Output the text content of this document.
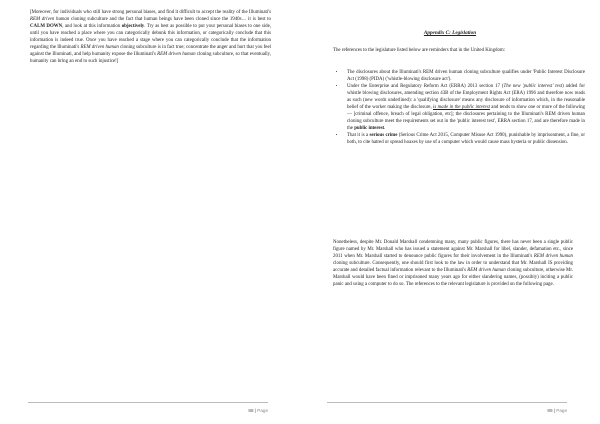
[Moreover, for individuals who still have strong personal biases, and find it difficult to accept the reality of the Illuminati's REM driven human cloning subculture and the fact that human beings have been cloned since the 1940s… it is best to CALM DOWN, and look at this information objectively. Try as best as possible to put your personal biases to one side, until you have reached a place where you can categorically debunk this information, or categorically conclude that this information is indeed true. Once you have reached a stage where you can categorically conclude that the information regarding the Illuminati's REM driven human cloning subculture is in fact true; concentrate the anger and hurt that you feel against the Illuminati, and help humanity expose the Illuminati's REM driven human cloning subculture, so that eventually, humanity can bring an end to such injustice!]

88 | Page
Appendix C: Legislation

The references to the legislature listed below are reminders that in the United Kingdom:

• The disclosures about the Illuminati's REM driven human cloning subculture qualifies under 'Public Interest Disclosure Act (1998) (PIDA) ('whistle-blowing disclosure act').
• Under the Enterprise and Regulatory Reform Act (ERRA) 2013 section 17 (The new 'public interest' test) added for whistle blowing disclosures, amending section 43B of the Employment Rights Act (ERA) 1996 and therefore now reads as such (new words underlined): a 'qualifying disclosure' means any disclosure of information which, in the reasonable belief of the worker making the disclosure, is made in the public interest and tends to show one or more of the following— [criminal offence, breach of legal obligation, etc]; the disclosures pertaining to the Illuminati's REM driven human cloning subculture meet the requirements set out in the 'public interest test', ERRA section 17, and are therefore made in the public interest.
• That it is a serious crime (Serious Crime Act 2015, Computer Misuse Act 1990), punishable by imprisonment, a fine, or both, to cite hatred or spread hoaxes by use of a computer which would cause mass hysteria or public dissension.

Nonetheless, despite Mr. Donald Marshall condemning many, many public figures, there has never been a single public figure named by Mr. Marshall who has issued a statement against Mr. Marshall for libel, slander, defamation etc., since 2011 when Mr. Marshall started to denounce public figures for their involvement in the Illuminati's REM driven human cloning subculture. Consequently, one should first look to the law in order to understand that Mr. Marshall IS providing accurate and detailed factual information relevant to the Illuminati's REM driven human cloning subculture, otherwise Mr. Marshall would have been fined or imprisoned many years ago for either slandering names, (possibly) inciting a public panic and using a computer to do so. The references to the relevant legislature is provided on the following page.

89 | Page
